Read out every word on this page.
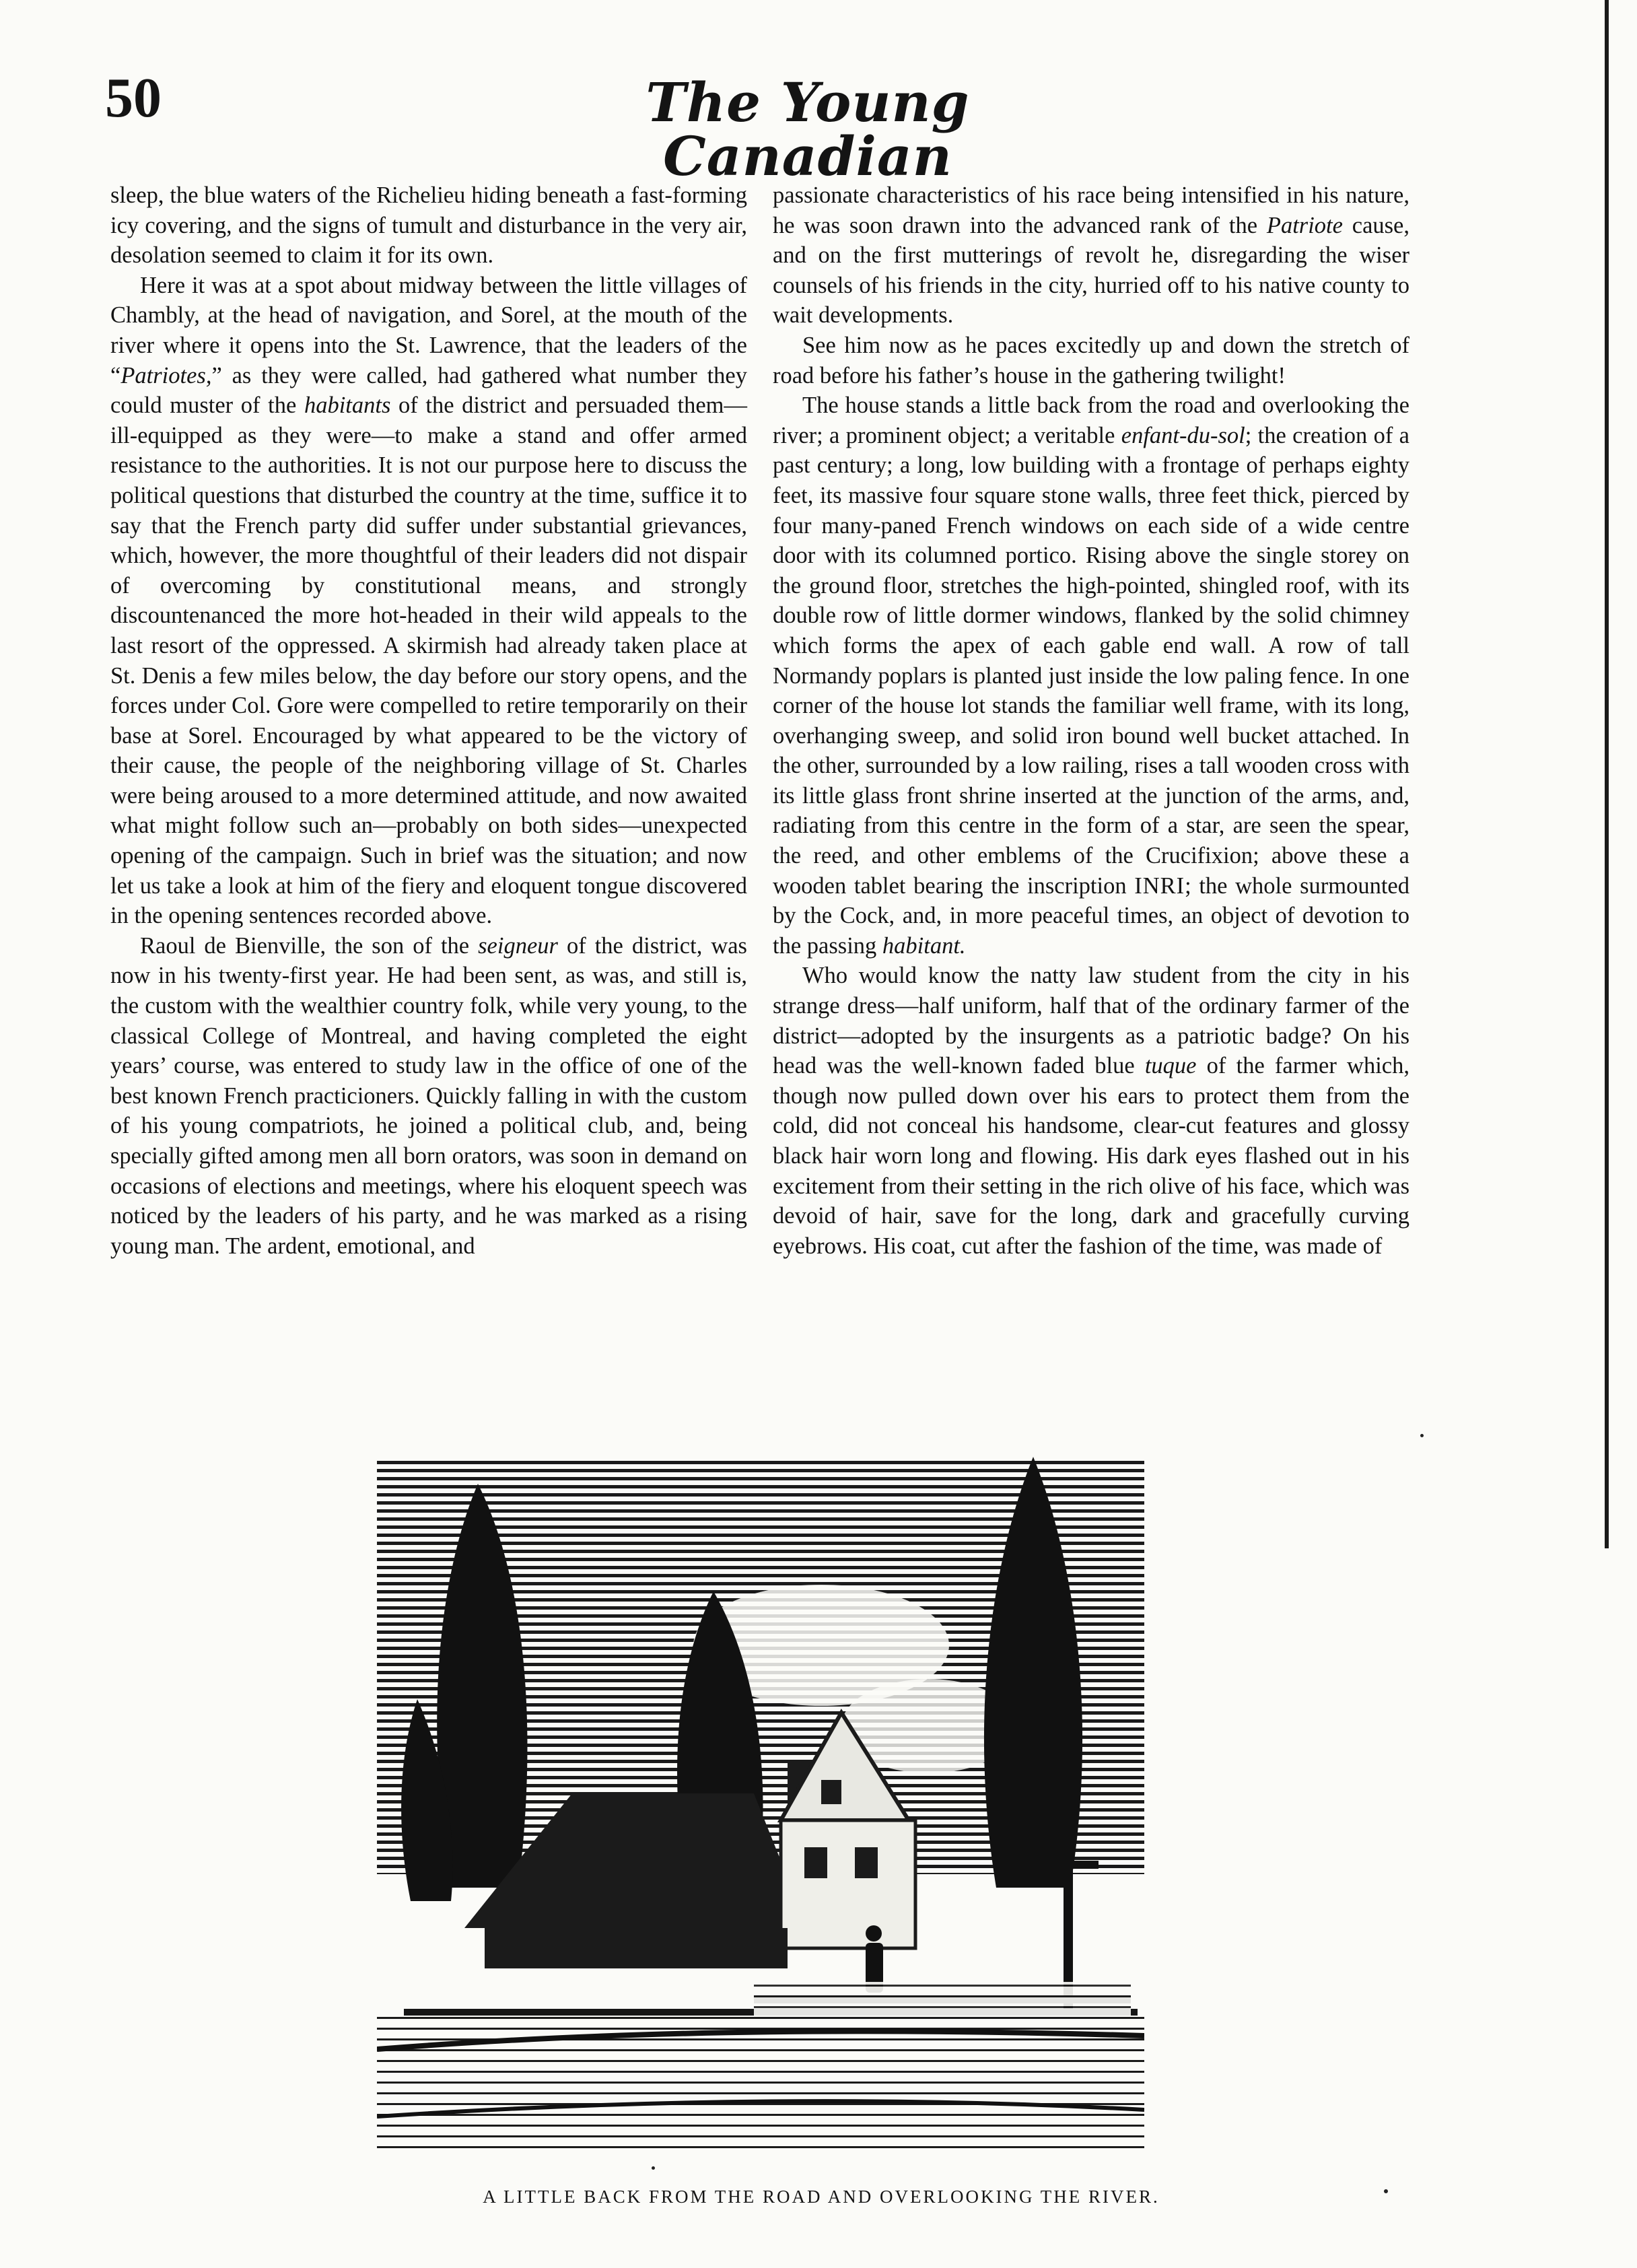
50	The Young Canadian

sleep, the blue waters of the Richelieu hiding beneath a fast-forming icy covering, and the signs of tumult and disturbance in the very air, desolation seemed to claim it for its own.

Here it was at a spot about midway between the little villages of Chambly, at the head of navigation, and Sorel, at the mouth of the river where it opens into the St. Lawrence, that the leaders of the “Patriotes,” as they were called, had gathered what number they could muster of the habitants of the district and persuaded them—ill-equipped as they were—to make a stand and offer armed resistance to the authorities. It is not our purpose here to discuss the political questions that disturbed the country at the time, suffice it to say that the French party did suffer under substantial grievances, which, however, the more thoughtful of their leaders did not dispair of overcoming by constitutional means, and strongly discountenanced the more hot-headed in their wild appeals to the last resort of the oppressed. A skirmish had already taken place at St. Denis a few miles below, the day before our story opens, and the forces under Col. Gore were compelled to retire temporarily on their base at Sorel. Encouraged by what appeared to be the victory of their cause, the people of the neighboring village of St. Charles were being aroused to a more determined attitude, and now awaited what might follow such an—probably on both sides—unexpected opening of the campaign. Such in brief was the situation; and now let us take a look at him of the fiery and eloquent tongue discovered in the opening sentences recorded above.

Raoul de Bienville, the son of the seigneur of the district, was now in his twenty-first year. He had been sent, as was, and still is, the custom with the wealthier country folk, while very young, to the classical College of Montreal, and having completed the eight years’ course, was entered to study law in the office of one of the best known French practicioners. Quickly falling in with the custom of his young compatriots, he joined a political club, and, being specially gifted among men all born orators, was soon in demand on occasions of elections and meetings, where his eloquent speech was noticed by the leaders of his party, and he was marked as a rising young man. The ardent, emotional, and

passionate characteristics of his race being intensified in his nature, he was soon drawn into the advanced rank of the Patriote cause, and on the first mutterings of revolt he, disregarding the wiser counsels of his friends in the city, hurried off to his native county to wait developments.

See him now as he paces excitedly up and down the stretch of road before his father’s house in the gathering twilight!

The house stands a little back from the road and overlooking the river; a prominent object; a veritable enfant-du-sol; the creation of a past century; a long, low building with a frontage of perhaps eighty feet, its massive four square stone walls, three feet thick, pierced by four many-paned French windows on each side of a wide centre door with its columned portico. Rising above the single storey on the ground floor, stretches the high-pointed, shingled roof, with its double row of little dormer windows, flanked by the solid chimney which forms the apex of each gable end wall. A row of tall Normandy poplars is planted just inside the low paling fence. In one corner of the house lot stands the familiar well frame, with its long, overhanging sweep, and solid iron bound well bucket attached. In the other, surrounded by a low railing, rises a tall wooden cross with its little glass front shrine inserted at the junction of the arms, and, radiating from this centre in the form of a star, are seen the spear, the reed, and other emblems of the Crucifixion; above these a wooden tablet bearing the inscription INRI; the whole surmounted by the Cock, and, in more peaceful times, an object of devotion to the passing habitant.

Who would know the natty law student from the city in his strange dress—half uniform, half that of the ordinary farmer of the district—adopted by the insurgents as a patriotic badge? On his head was the well-known faded blue tuque of the farmer which, though now pulled down over his ears to protect them from the cold, did not conceal his handsome, clear-cut features and glossy black hair worn long and flowing. His dark eyes flashed out in his excitement from their setting in the rich olive of his face, which was devoid of hair, save for the long, dark and gracefully curving eyebrows. His coat, cut after the fashion of the time, was made of

A LITTLE BACK FROM THE ROAD AND OVERLOOKING THE RIVER.
